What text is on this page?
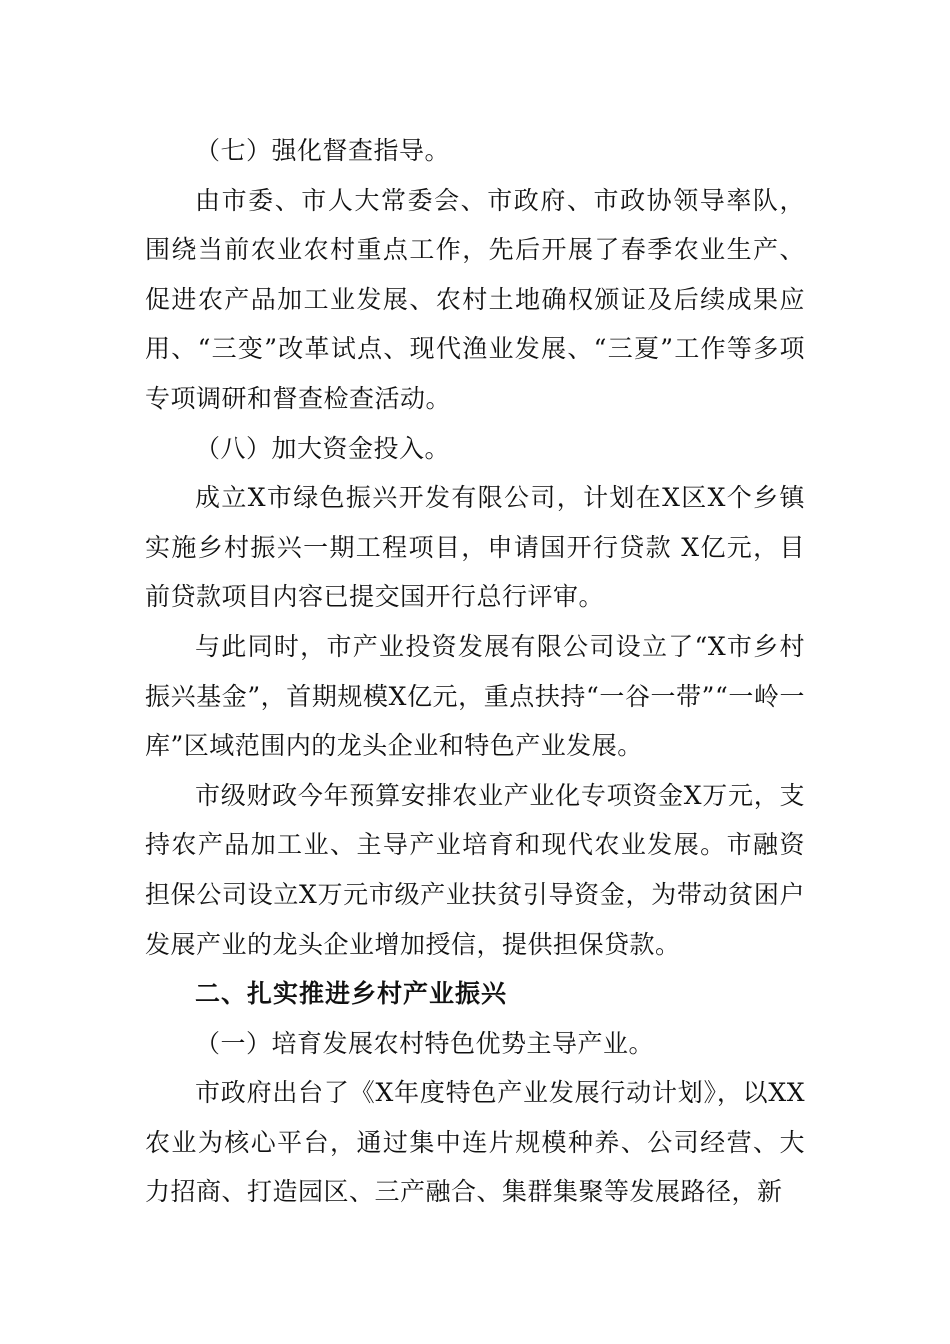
（七）强化督查指导。

由市委、市人大常委会、市政府、市政协领导率队，围绕当前农业农村重点工作，先后开展了春季农业生产、促进农产品加工业发展、农村土地确权颁证及后续成果应用、“三变”改革试点、现代渔业发展、“三夏”工作等多项专项调研和督查检查活动。

（八）加大资金投入。

成立X市绿色振兴开发有限公司，计划在X区X个乡镇实施乡村振兴一期工程项目，申请国开行贷款 X亿元，目前贷款项目内容已提交国开行总行评审。

与此同时，市产业投资发展有限公司设立了“X市乡村振兴基金”，首期规模X亿元，重点扶持“一谷一带”“一岭一库”区域范围内的龙头企业和特色产业发展。

市级财政今年预算安排农业产业化专项资金X万元，支持农产品加工业、主导产业培育和现代农业发展。市融资担保公司设立X万元市级产业扶贫引导资金，为带动贫困户发展产业的龙头企业增加授信，提供担保贷款。

二、扎实推进乡村产业振兴

（一）培育发展农村特色优势主导产业。

市政府出台了《X年度特色产业发展行动计划》，以XX农业为核心平台，通过集中连片规模种养、公司经营、大力招商、打造园区、三产融合、集群集聚等发展路径，新
